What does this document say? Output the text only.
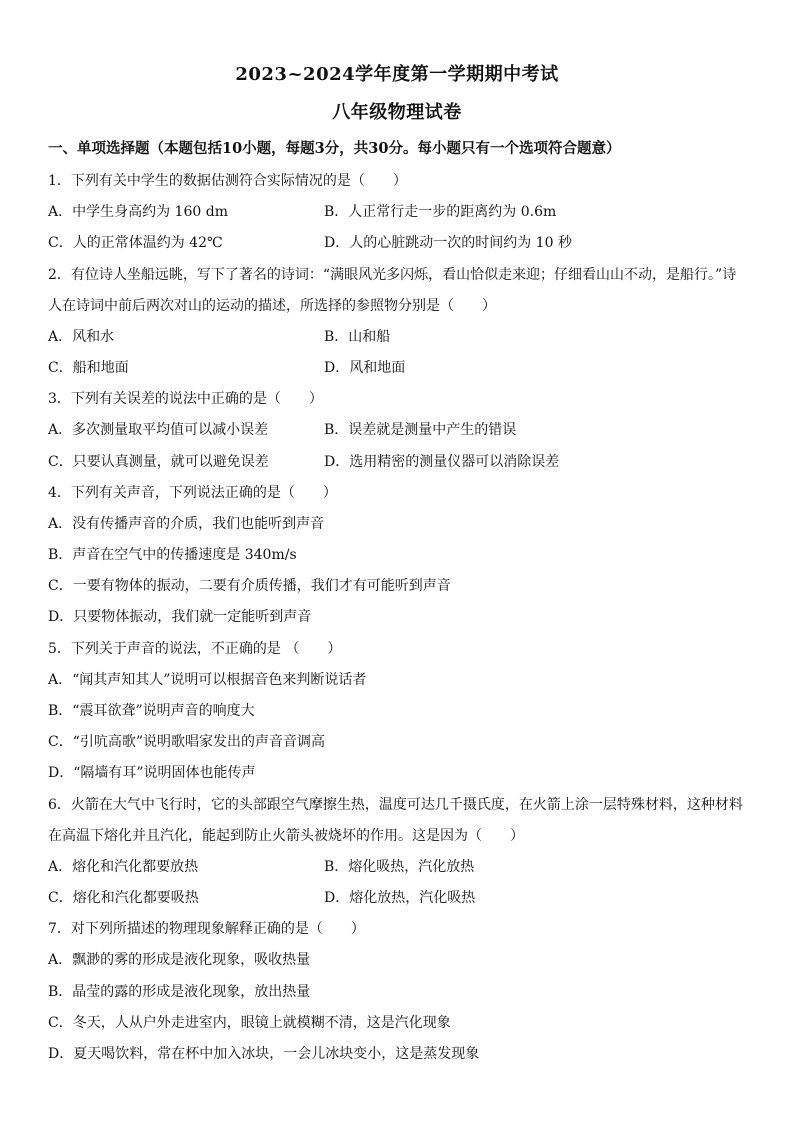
2023~2024学年度第一学期期中考试
八年级物理试卷
一、单项选择题（本题包括10小题，每题3分，共30分。每小题只有一个选项符合题意）
1．下列有关中学生的数据估测符合实际情况的是（　　）
A．中学生身高约为 160 dm	B．人正常行走一步的距离约为 0.6m
C．人的正常体温约为 42℃	D．人的心脏跳动一次的时间约为 10 秒
2．有位诗人坐船远眺，写下了著名的诗词：“满眼风光多闪烁，看山恰似走来迎；仔细看山山不动，是船行。”诗
人在诗词中前后两次对山的运动的描述，所选择的参照物分别是（　　）
A．风和水	B．山和船
C．船和地面	D．风和地面
3．下列有关误差的说法中正确的是（　　）
A．多次测量取平均值可以减小误差	B．误差就是测量中产生的错误
C．只要认真测量，就可以避免误差	D．选用精密的测量仪器可以消除误差
4．下列有关声音，下列说法正确的是（　　）
A．没有传播声音的介质，我们也能听到声音
B．声音在空气中的传播速度是 340m/s
C．一要有物体的振动，二要有介质传播，我们才有可能听到声音
D．只要物体振动，我们就一定能听到声音
5．下列关于声音的说法，不正确的是 （　　）
A．“闻其声知其人”说明可以根据音色来判断说话者
B．“震耳欲聋”说明声音的响度大
C．“引吭高歌”说明歌唱家发出的声音音调高
D．“隔墙有耳”说明固体也能传声
6．火箭在大气中飞行时，它的头部跟空气摩擦生热，温度可达几千摄氏度，在火箭上涂一层特殊材料，这种材料
在高温下熔化并且汽化，能起到防止火箭头被烧坏的作用。这是因为（　　）
A．熔化和汽化都要放热	B．熔化吸热，汽化放热
C．熔化和汽化都要吸热	D．熔化放热，汽化吸热
7．对下列所描述的物理现象解释正确的是（　　）
A．飘渺的雾的形成是液化现象，吸收热量
B．晶莹的露的形成是液化现象，放出热量
C．冬天，人从户外走进室内，眼镜上就模糊不清，这是汽化现象
D．夏天喝饮料，常在杯中加入冰块，一会儿冰块变小，这是蒸发现象
